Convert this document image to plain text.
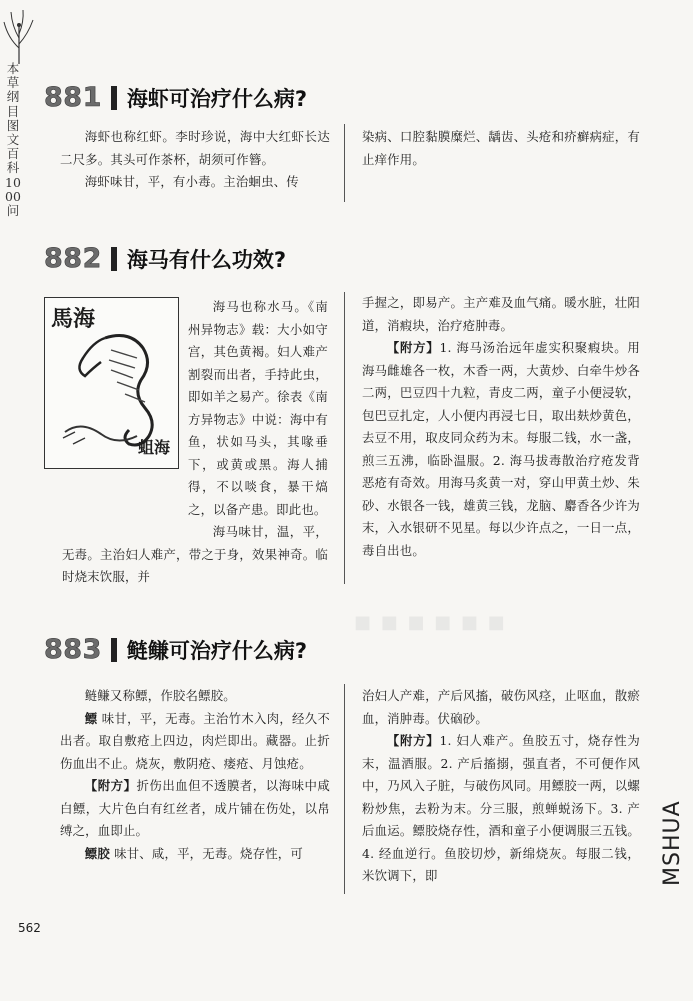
本草纲目图文百科1000问
881 海虾可治疗什么病?

海虾也称红虾。李时珍说，海中大红虾长达二尺多。其头可作茶杯，胡须可作簪。

海虾味甘，平，有小毒。主治蛔虫、传

染病、口腔黏膜糜烂、龋齿、头疮和疥癣病症，有止痒作用。

882 海马有什么功效?
馬海
蛆海

海马也称水马。《南州异物志》载：大小如守宫，其色黄褐。妇人难产割裂而出者，手持此虫，即如羊之易产。徐表《南方异物志》中说：海中有鱼，状如马头，其喙垂下，或黄或黑。海人捕得，不以啖食，暴干熇之，以备产患。即此也。

海马味甘，温，平，无毒。主治妇人难产，带之于身，效果神奇。临时烧末饮服，并

手握之，即易产。主产难及血气痛。暖水脏，壮阳道，消瘕块，治疗疮肿毒。

【附方】1. 海马汤治远年虚实积聚瘕块。用海马雌雄各一枚，木香一两，大黄炒、白牵牛炒各二两，巴豆四十九粒，青皮二两，童子小便浸软，包巴豆扎定，人小便内再浸七日，取出麸炒黄色，去豆不用，取皮同众药为末。每服二钱，水一盏，煎三五沸，临卧温服。2. 海马拔毒散治疗疮发背恶疮有奇效。用海马炙黄一对，穿山甲黄土炒、朱砂、水银各一钱，雄黄三钱，龙脑、麝香各少许为末，入水银研不见星。每以少许点之，一日一点，毒自出也。

■ ■ ■ ■ ■ ■
883 鲢鳒可治疗什么病?

鲢鳒又称鳔，作胶名鳔胶。

鳔 味甘，平，无毒。主治竹木入肉，经久不出者。取自敷疮上四边，肉烂即出。藏器。止折伤血出不止。烧灰，敷阴疮、瘘疮、月蚀疮。

【附方】折伤出血但不透膜者，以海味中咸白鳔，大片色白有红丝者，成片铺在伤处，以帛缚之，血即止。

鳔胶 味甘、咸，平，无毒。烧存性，可

治妇人产难，产后风搐，破伤风痉，止呕血，散瘀血，消肿毒。伏硇砂。

【附方】1. 妇人难产。鱼胶五寸，烧存性为末，温酒服。2. 产后搐搦，强直者，不可便作风中，乃风入子脏，与破伤风同。用鳔胶一两，以螺粉炒焦，去粉为末。分三服，煎蝉蜕汤下。3. 产后血运。鳔胶烧存性，酒和童子小便调服三五钱。4. 经血逆行。鱼胶切炒，新绵烧灰。每服二钱，米饮调下，即

562
MSHUA
